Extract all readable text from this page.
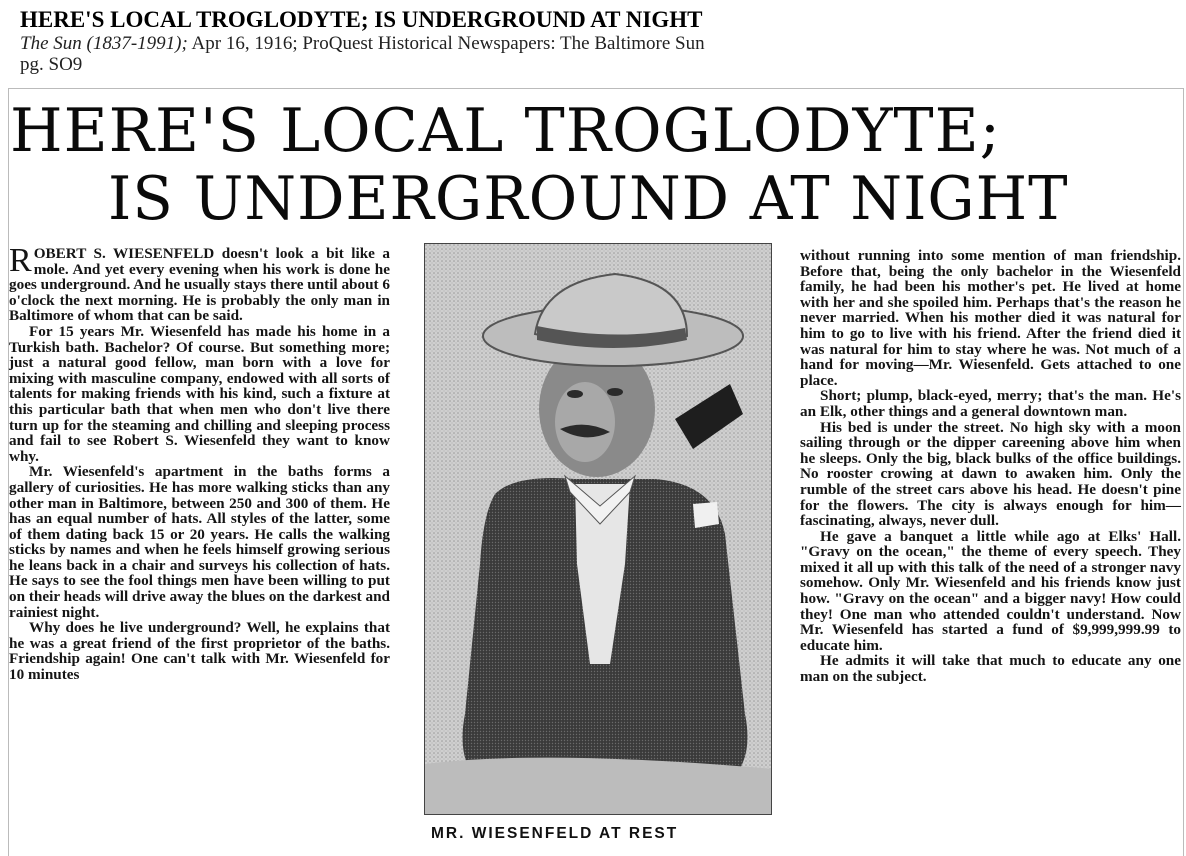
HERE'S LOCAL TROGLODYTE; IS UNDERGROUND AT NIGHT
The Sun (1837-1991); Apr 16, 1916; ProQuest Historical Newspapers: The Baltimore Sun
pg. SO9
HERE'S LOCAL TROGLODYTE;
IS UNDERGROUND AT NIGHT

ROBERT S. WIESENFELD doesn't look a bit like a mole. And yet every evening when his work is done he goes underground. And he usually stays there until about 6 o'clock the next morning. He is probably the only man in Baltimore of whom that can be said.

For 15 years Mr. Wiesenfeld has made his home in a Turkish bath. Bachelor? Of course. But something more; just a natural good fellow, man born with a love for mixing with masculine company, endowed with all sorts of talents for making friends with his kind, such a fixture at this particular bath that when men who don't live there turn up for the steaming and chilling and sleeping process and fail to see Robert S. Wiesenfeld they want to know why.

Mr. Wiesenfeld's apartment in the baths forms a gallery of curiosities. He has more walking sticks than any other man in Baltimore, between 250 and 300 of them. He has an equal number of hats. All styles of the latter, some of them dating back 15 or 20 years. He calls the walking sticks by names and when he feels himself growing serious he leans back in a chair and surveys his collection of hats. He says to see the fool things men have been willing to put on their heads will drive away the blues on the darkest and rainiest night.

Why does he live underground? Well, he explains that he was a great friend of the first proprietor of the baths. Friendship again! One can't talk with Mr. Wiesenfeld for 10 minutes

MR. WIESENFELD AT REST

without running into some mention of man friendship. Before that, being the only bachelor in the Wiesenfeld family, he had been his mother's pet. He lived at home with her and she spoiled him. Perhaps that's the reason he never married. When his mother died it was natural for him to go to live with his friend. After the friend died it was natural for him to stay where he was. Not much of a hand for moving—Mr. Wiesenfeld. Gets attached to one place.

Short; plump, black-eyed, merry; that's the man. He's an Elk, other things and a general downtown man.

His bed is under the street. No high sky with a moon sailing through or the dipper careening above him when he sleeps. Only the big, black bulks of the office buildings. No rooster crowing at dawn to awaken him. Only the rumble of the street cars above his head. He doesn't pine for the flowers. The city is always enough for him—fascinating, always, never dull.

He gave a banquet a little while ago at Elks' Hall. "Gravy on the ocean," the theme of every speech. They mixed it all up with this talk of the need of a stronger navy somehow. Only Mr. Wiesenfeld and his friends know just how. "Gravy on the ocean" and a bigger navy! How could they! One man who attended couldn't understand. Now Mr. Wiesenfeld has started a fund of $9,999,999.99 to educate him.

He admits it will take that much to educate any one man on the subject.
